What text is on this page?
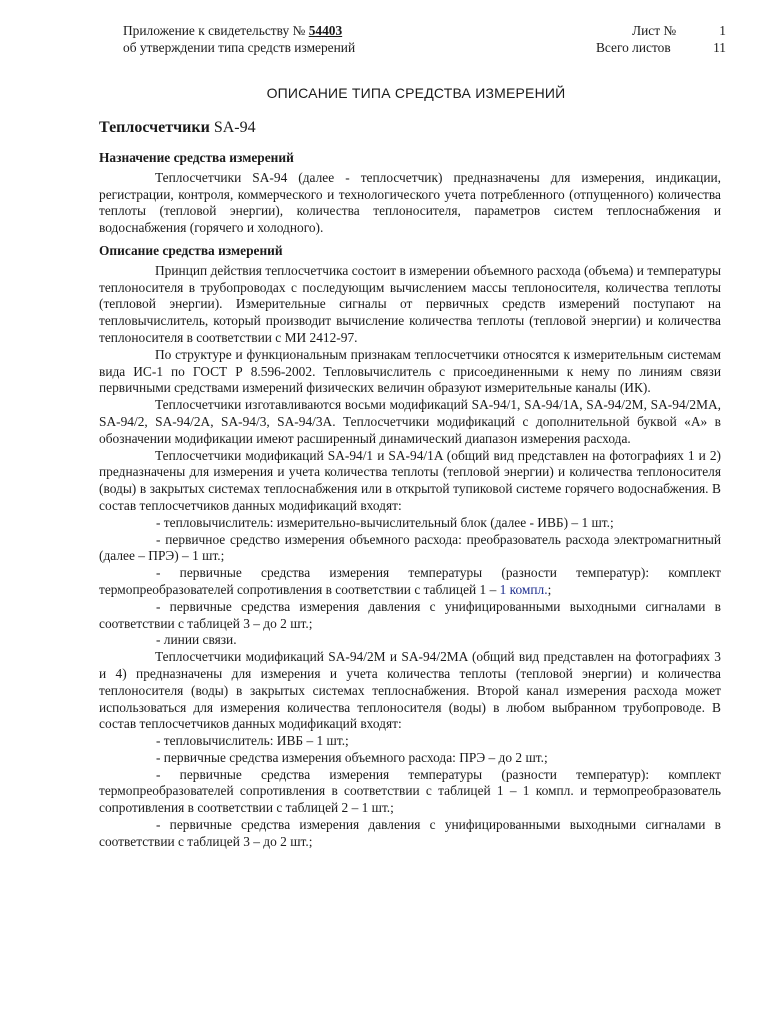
Приложение к свидетельству № 54403
об утверждении типа средств измерений
Лист №	1
Всего листов	11
ОПИСАНИЕ ТИПА СРЕДСТВА ИЗМЕРЕНИЙ
Теплосчетчики SA-94
Назначение средства измерений

Теплосчетчики SA-94 (далее - теплосчетчик) предназначены для измерения, индикации, регистрации, контроля, коммерческого и технологического учета потребленного (отпущенного) количества теплоты (тепловой энергии), количества теплоносителя, параметров систем теплоснабжения и водоснабжения (горячего и холодного).

Описание средства измерений

Принцип действия теплосчетчика состоит в измерении объемного расхода (объема) и температуры теплоносителя в трубопроводах с последующим вычислением массы теплоносителя, количества теплоты (тепловой энергии). Измерительные сигналы от первичных средств измерений поступают на тепловычислитель, который производит вычисление количества теплоты (тепловой энергии) и количества теплоносителя в соответствии с МИ 2412-97.

По структуре и функциональным признакам теплосчетчики относятся к измерительным системам вида ИС-1 по ГОСТ Р 8.596-2002. Тепловычислитель с присоединенными к нему по линиям связи первичными средствами измерений физических величин образуют измерительные каналы (ИК).

Теплосчетчики изготавливаются восьми модификаций SA-94/1, SA-94/1A, SA-94/2M, SA-94/2MA, SA-94/2, SA-94/2A, SA-94/3, SA-94/3A. Теплосчетчики модификаций с дополнительной буквой «А» в обозначении модификации имеют расширенный динамический диапазон измерения расхода.

Теплосчетчики модификаций SA-94/1 и SA-94/1A (общий вид представлен на фотографиях 1 и 2) предназначены для измерения и учета количества теплоты (тепловой энергии) и количества теплоносителя (воды) в закрытых системах теплоснабжения или в открытой тупиковой системе горячего водоснабжения. В состав теплосчетчиков данных модификаций входят:

- тепловычислитель: измерительно-вычислительный блок (далее - ИВБ) – 1 шт.;

- первичное средство измерения объемного расхода: преобразователь расхода электромагнитный (далее – ПРЭ) – 1 шт.;

- первичные средства измерения температуры (разности температур): комплект термопреобразователей сопротивления в соответствии с таблицей 1 – 1 компл.;

- первичные средства измерения давления с унифицированными выходными сигналами в соответствии с таблицей 3 – до 2 шт.;

- линии связи.

Теплосчетчики модификаций SA-94/2M и SA-94/2MA (общий вид представлен на фотографиях 3 и 4) предназначены для измерения и учета количества теплоты (тепловой энергии) и количества теплоносителя (воды) в закрытых системах теплоснабжения. Второй канал измерения расхода может использоваться для измерения количества теплоносителя (воды) в любом выбранном трубопроводе. В состав теплосчетчиков данных модификаций входят:

- тепловычислитель: ИВБ – 1 шт.;

- первичные средства измерения объемного расхода: ПРЭ – до 2 шт.;

- первичные средства измерения температуры (разности температур): комплект термопреобразователей сопротивления в соответствии с таблицей 1 – 1 компл. и термопреобразователь сопротивления в соответствии с таблицей 2 – 1 шт.;

- первичные средства измерения давления с унифицированными выходными сигналами в соответствии с таблицей 3 – до 2 шт.;
